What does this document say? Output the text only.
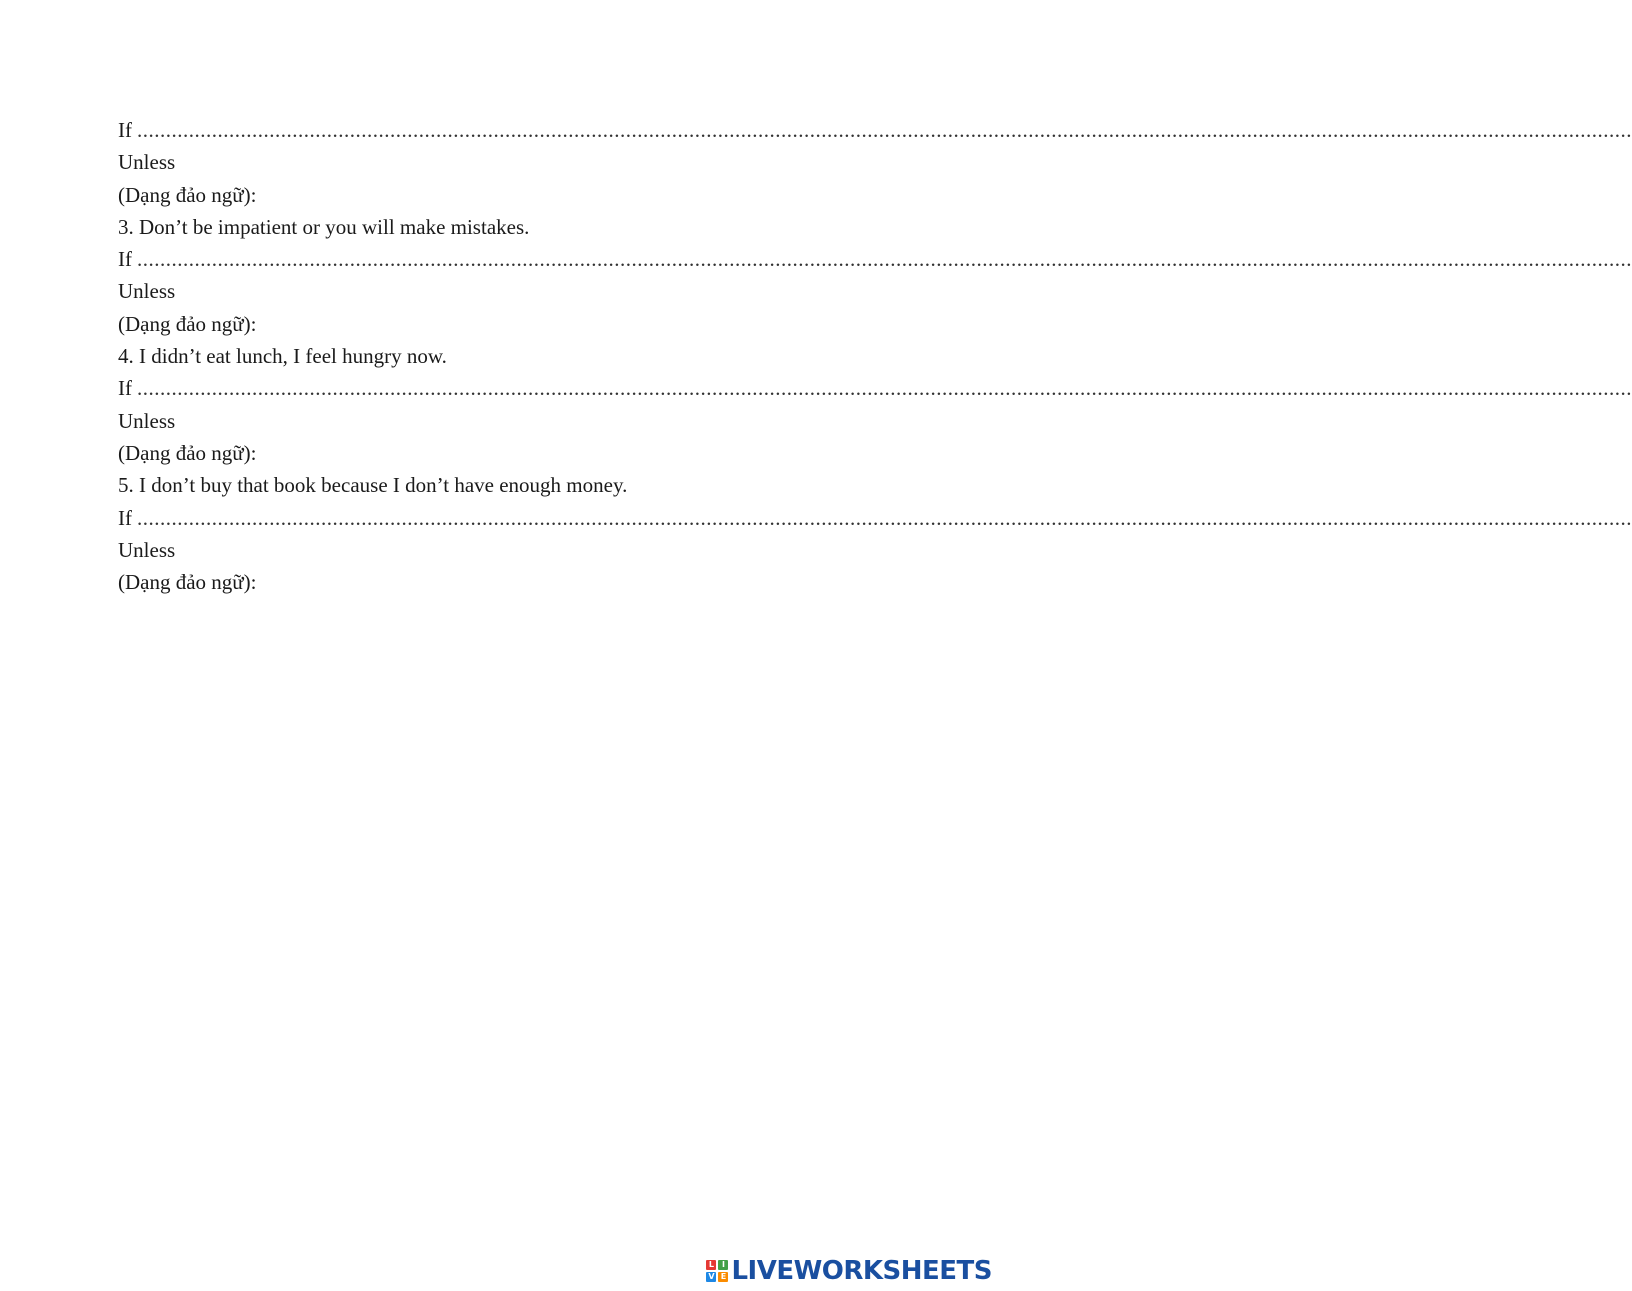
If ....................................................................................................................................................................................................................................................................
Unless
(Dạng đảo ngữ):
3. Don’t be impatient or you will make mistakes.
If ....................................................................................................................................................................................................................................................................
Unless
(Dạng đảo ngữ):
4. I didn’t eat lunch, I feel hungry now.
If ....................................................................................................................................................................................................................................................................
Unless
(Dạng đảo ngữ):
5. I don’t buy that book because I don’t have enough money.
If ....................................................................................................................................................................................................................................................................
Unless
(Dạng đảo ngữ):
L I
V E LIVEWORKSHEETS
